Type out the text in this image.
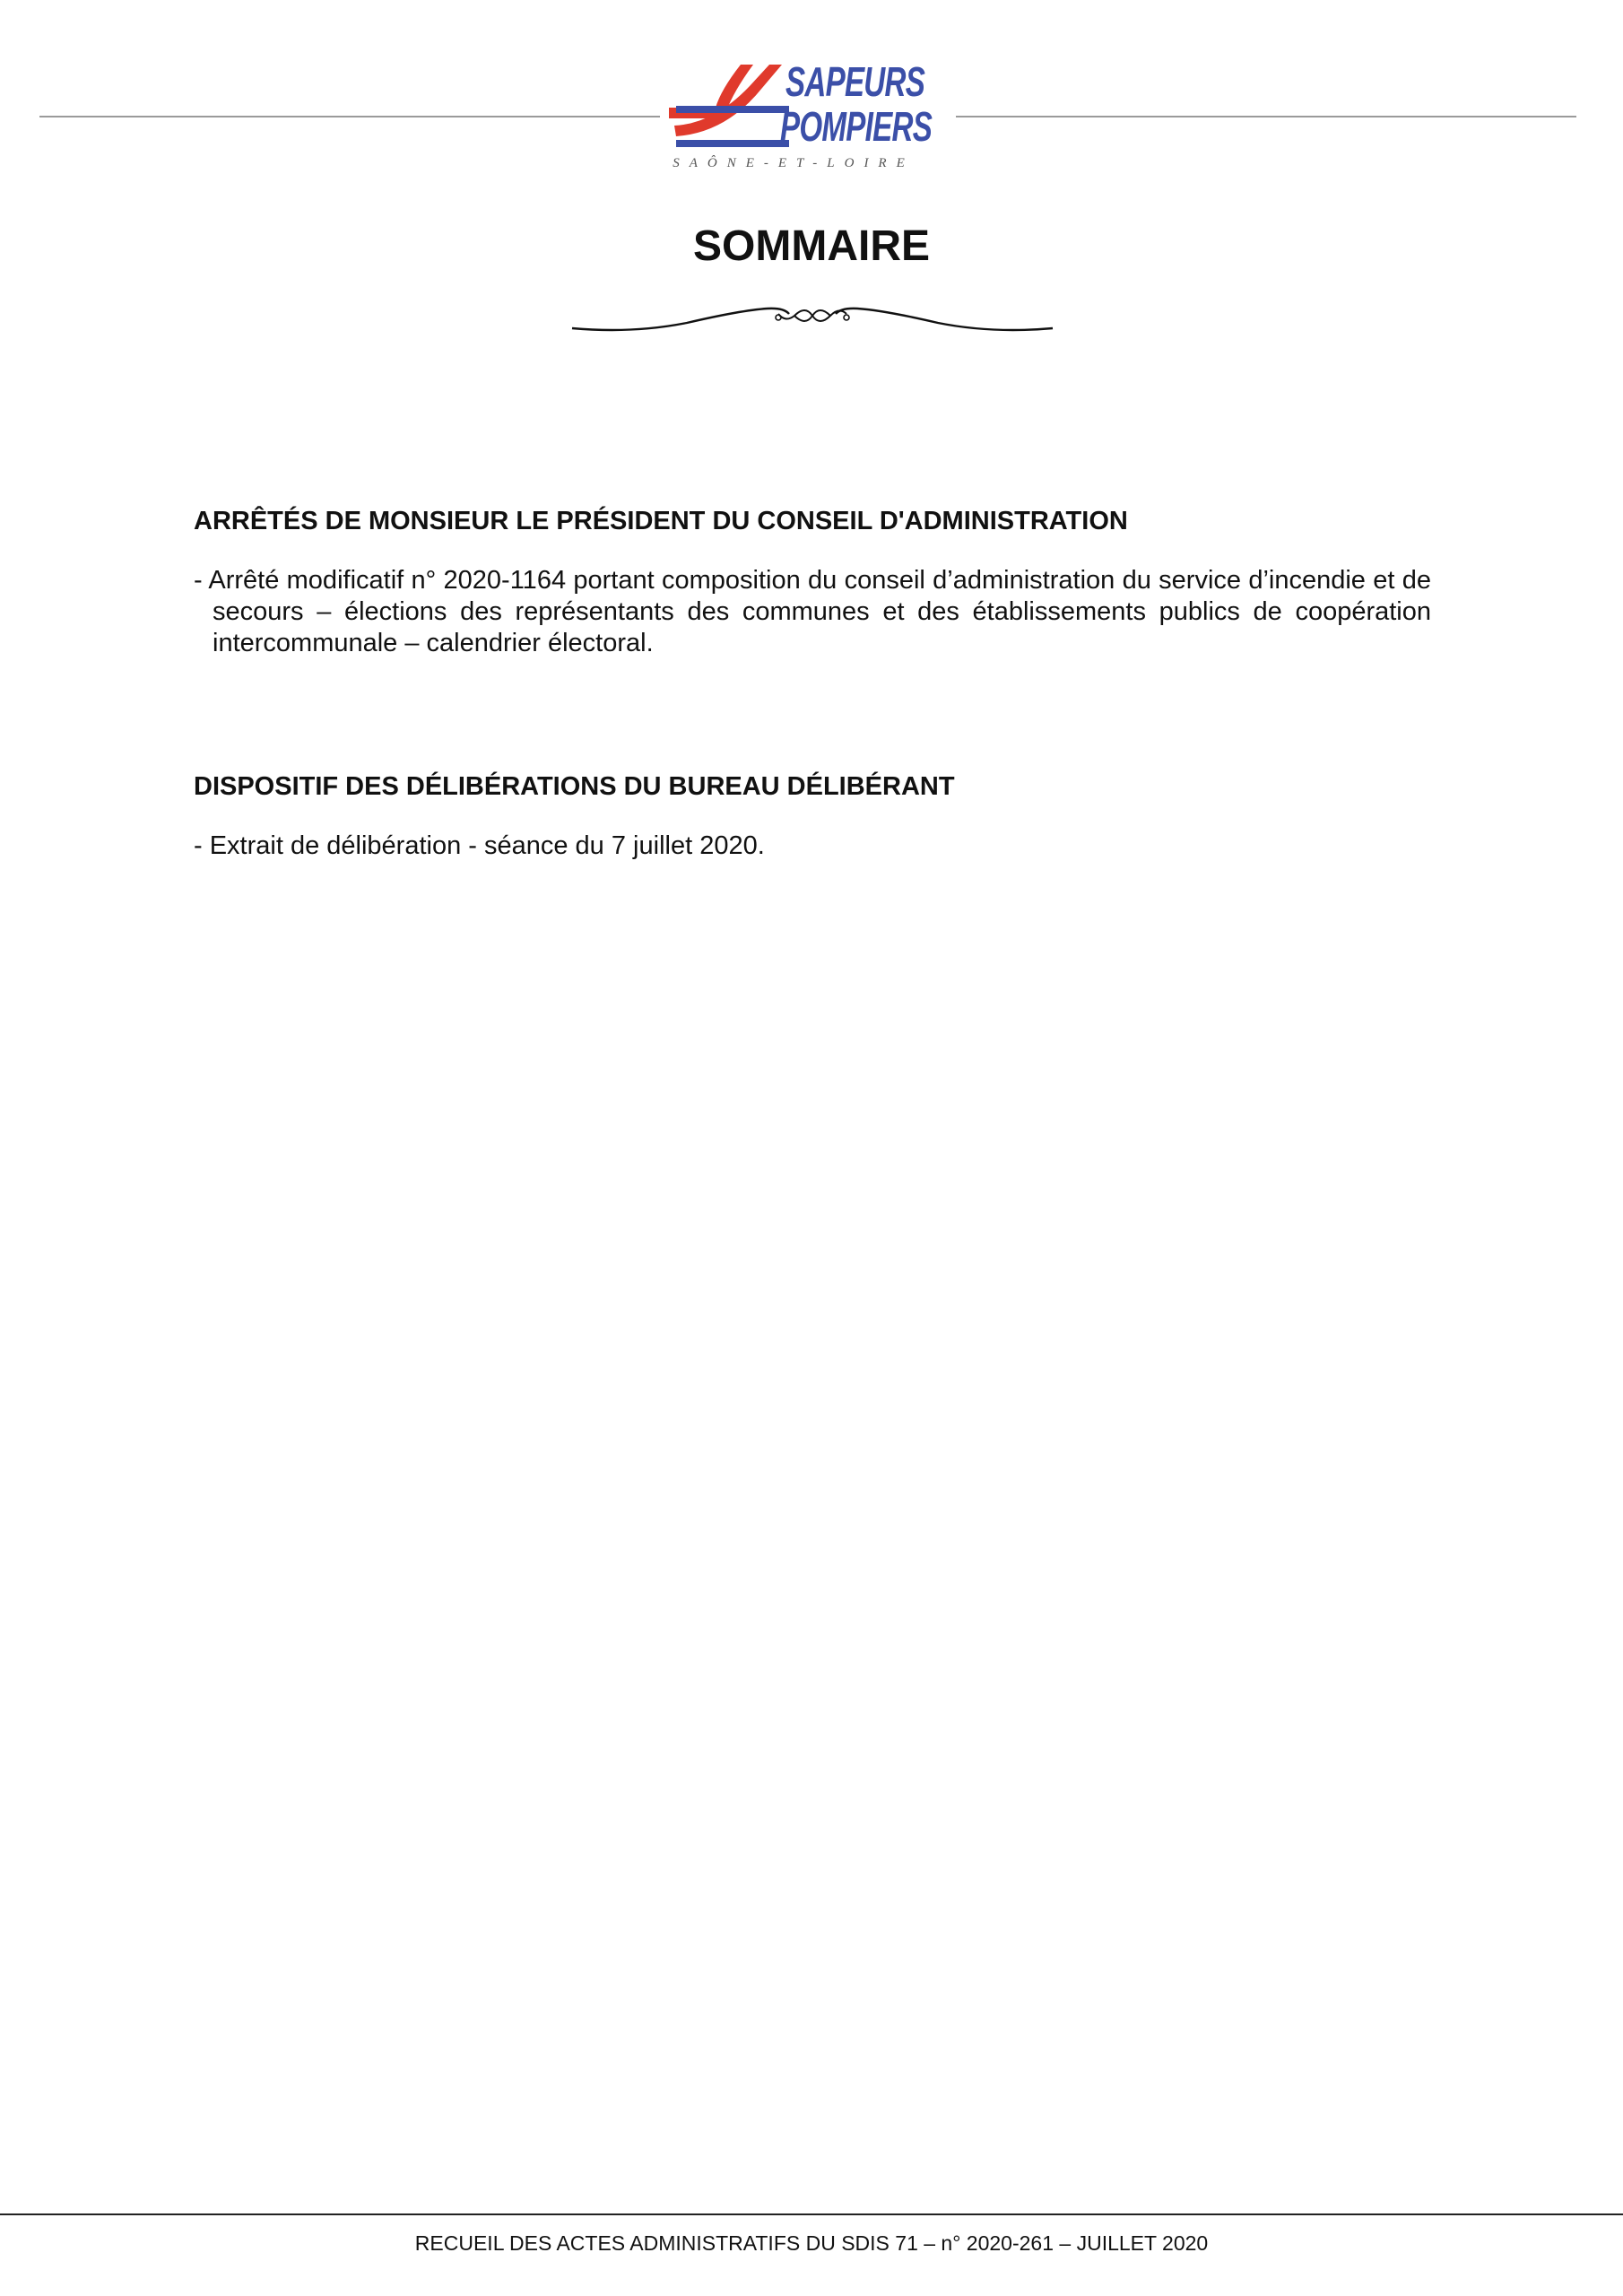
SAPEURS
POMPIERS
SAÔNE-ET-LOIRE
SOMMAIRE
ARRÊTÉS DE MONSIEUR LE PRÉSIDENT DU CONSEIL D'ADMINISTRATION

- Arrêté modificatif n° 2020-1164 portant composition du conseil d’administration du service d’incendie et de secours – élections des représentants des communes et des établissements publics de coopération intercommunale – calendrier électoral.

DISPOSITIF DES DÉLIBÉRATIONS DU BUREAU DÉLIBÉRANT

- Extrait de délibération - séance du 7 juillet 2020.

RECUEIL DES ACTES ADMINISTRATIFS DU SDIS 71 – n° 2020-261 – JUILLET 2020
